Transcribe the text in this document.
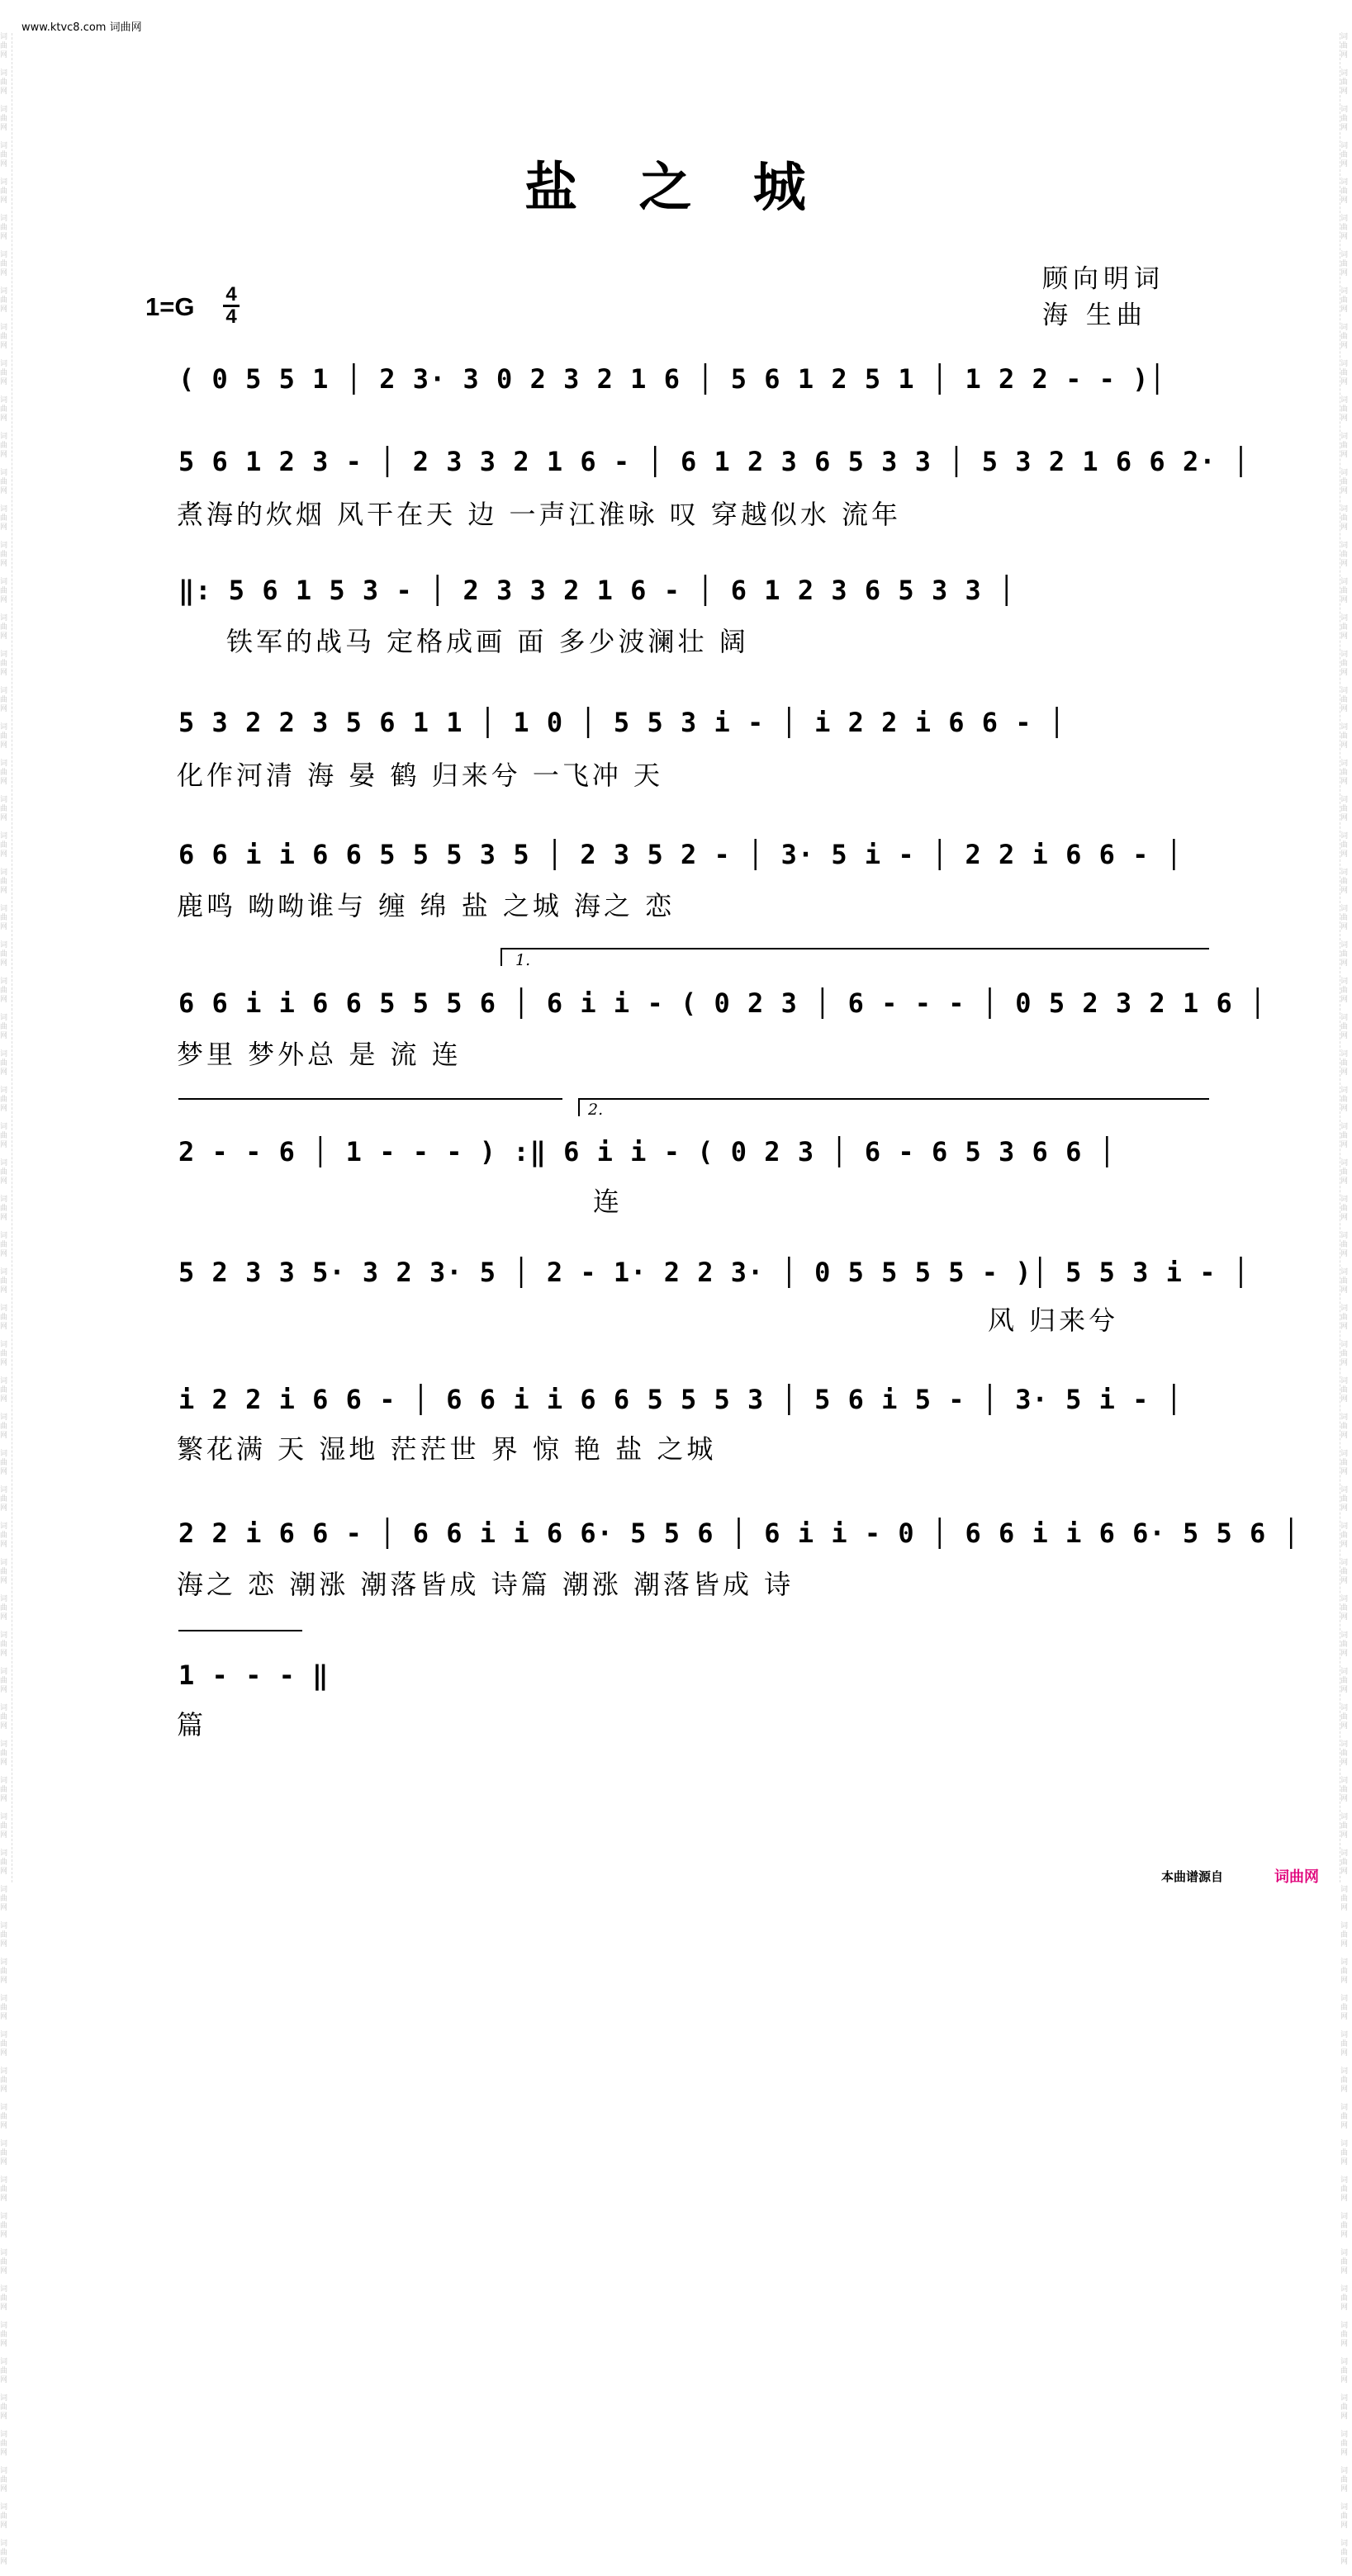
词
曲
网

词
曲
网

词
曲
网

词
曲
网

词
曲
网

词
曲
网

词
曲
网

词
曲
网

词
曲
网

词
曲
网

词
曲
网

词
曲
网

词
曲
网

词
曲
网

词
曲
网

词
曲
网

词
曲
网

词
曲
网

词
曲
网

词
曲
网

词
曲
网

词
曲
网

词
曲
网

词
曲
网

词
曲
网

词
曲
网

词
曲
网

词
曲
网

词
曲
网

词
曲
网

词
曲
网

词
曲
网

词
曲
网

词
曲
网

词
曲
网

词
曲
网

词
曲
网

词
曲
网

词
曲
网

词
曲
网

词
曲
网

词
曲
网

词
曲
网

词
曲
网

词
曲
网

词
曲
网

词
曲
网

词
曲
网

词
曲
网

词
曲
网

词
曲
网

词
曲
网

词
曲
网

词
曲
网

词
曲
网

词
曲
网

词
曲
网

词
曲
网

词
曲
网

词
曲
网

词
曲
网

词
曲
网

词
曲
网

词
曲
网

词
曲
网

词
曲
网

词
曲
网

词
曲
网

词
曲
网

词
曲
网

词
曲
网

词
曲
网

词
曲
网

词
曲
网

词
曲
网

词
曲
网

词
曲
网

词
曲
网

词
曲
网

词
曲
网

词
曲
网

词
曲
网

词
曲
网

词
曲
网

词
曲
网

词
曲
网

词
曲
网

词
曲
网

词
曲
网

词
曲
网

词
曲
网

词
曲
网

词
曲
网

词
曲
网

词
曲
网

词
曲
网

词
曲
网

词
曲
网

词
曲
网

词
曲
网

词
曲
网

词
曲
网

词
曲
网

词
曲
网

词
曲
网

词
曲
网

词
曲
网

词
曲
网

词
曲
网

词
曲
网

词
曲
网

词
曲
网

词
曲
网

词
曲
网

词
曲
网

词
曲
网

词
曲
网

词
曲
网

词
曲
网

词
曲
网

词
曲
网

词
曲
网

词
曲
网

词
曲
网

词
曲
网

词
曲
网

词
曲
网

词
曲
网

词
曲
网

词
曲
网

词
曲
网

词
曲
网

词
曲
网

词
曲
网

词
曲
网

词
曲
网

词
曲
网

词
曲
网

词
曲
网

词
曲
网

www.ktvc8.com 词曲网
盐 之 城
顾向明词
海 生曲
1=G 4
4
( 0 5 5 1 │ 2 3· 3 0 2 3 2 1 6 │ 5 6 1 2 5 1 │ 1 2 2 - - )│
5 6 1 2 3 - │ 2 3 3 2 1 6 - │ 6 1 2 3 6 5 3 3 │ 5 3 2 1 6 6 2· │
煮海的炊烟 风干在天 边 一声江淮咏 叹 穿越似水 流年
‖: 5 6 1 5 3 - │ 2 3 3 2 1 6 - │ 6 1 2 3 6 5 3 3 │
铁军的战马 定格成画 面 多少波澜壮 阔
5 3 2 2 3 5 6 1 1 │ 1 0 │ 5 5 3 i - │ i 2 2 i 6 6 - │
化作河清 海 晏 鹤 归来兮 一飞冲 天
6 6 i i 6 6 5 5 5 3 5 │ 2 3 5 2 - │ 3· 5 i - │ 2 2 i 6 6 - │
鹿鸣 呦呦谁与 缠 绵 盐 之城 海之 恋
1.
6 6 i i 6 6 5 5 5 6 │ 6 i i - ( 0 2 3 │ 6 - - - │ 0 5 2 3 2 1 6 │
梦里 梦外总 是 流 连
2.
2 - - 6 │ 1 - - - ) :‖ 6 i i - ( 0 2 3 │ 6 - 6 5 3 6 6 │
连
5 2 3 3 5· 3 2 3· 5 │ 2 - 1· 2 2 3· │ 0 5 5 5 5 - )│ 5 5 3 i - │
风 归来兮
i 2 2 i 6 6 - │ 6 6 i i 6 6 5 5 5 3 │ 5 6 i 5 - │ 3· 5 i - │
繁花满 天 湿地 茫茫世 界 惊 艳 盐 之城
2 2 i 6 6 - │ 6 6 i i 6 6· 5 5 6 │ 6 i i - 0 │ 6 6 i i 6 6· 5 5 6 │
海之 恋 潮涨 潮落皆成 诗篇 潮涨 潮落皆成 诗
1 - - - ‖
篇
本曲谱源自	词曲网
